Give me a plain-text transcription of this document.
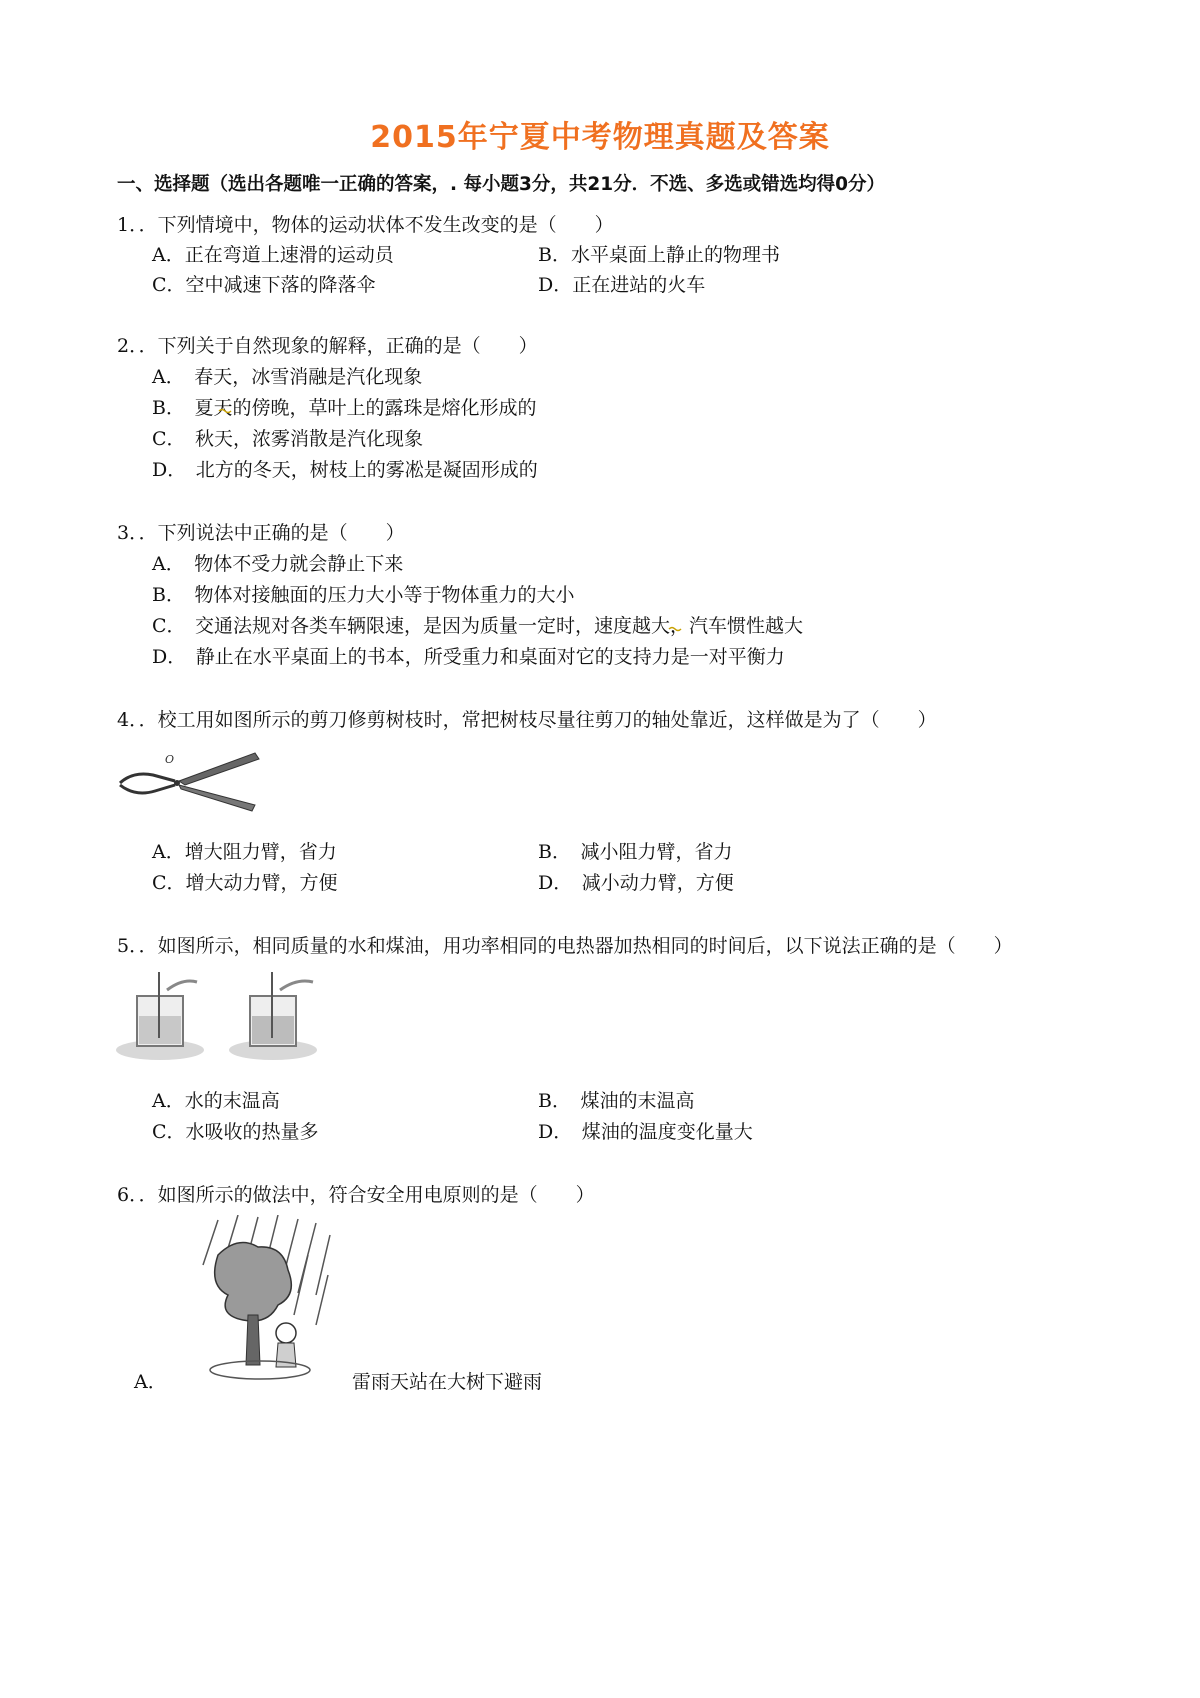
2015年宁夏中考物理真题及答案
一、选择题（选出各题唯一正确的答案，. 每小题3分，共21分．不选、多选或错选均得0分）
1．．下列情境中，物体的运动状体不发生改变的是（　　）
A．正在弯道上速滑的运动员	B．水平桌面上静止的物理书
C．空中减速下落的降落伞	D．正在进站的火车
2．．下列关于自然现象的解释，正确的是（　　）
A．　春天，冰雪消融是汽化现象
B．　夏天的傍晚，草叶上的露珠是熔化形成的
C．　秋天，浓雾消散是汽化现象
D．　北方的冬天，树枝上的雾凇是凝固形成的
3．．下列说法中正确的是（　　）
A．　物体不受力就会静止下来
B．　物体对接触面的压力大小等于物体重力的大小
C．　交通法规对各类车辆限速，是因为质量一定时，速度越大，汽车惯性越大
D．　静止在水平桌面上的书本，所受重力和桌面对它的支持力是一对平衡力
4．．校工用如图所示的剪刀修剪树枝时，常把树枝尽量往剪刀的轴处靠近，这样做是为了（　　）
O
A．增大阻力臂，省力	B．　减小阻力臂，省力
C．增大动力臂，方便	D．　减小动力臂，方便
5．．如图所示，相同质量的水和煤油，用功率相同的电热器加热相同的时间后，以下说法正确的是（　　）
A．水的末温高	B．　煤油的末温高
C．水吸收的热量多	D．　煤油的温度变化量大
6．．如图所示的做法中，符合安全用电原则的是（　　）
A．	雷雨天站在大树下避雨
